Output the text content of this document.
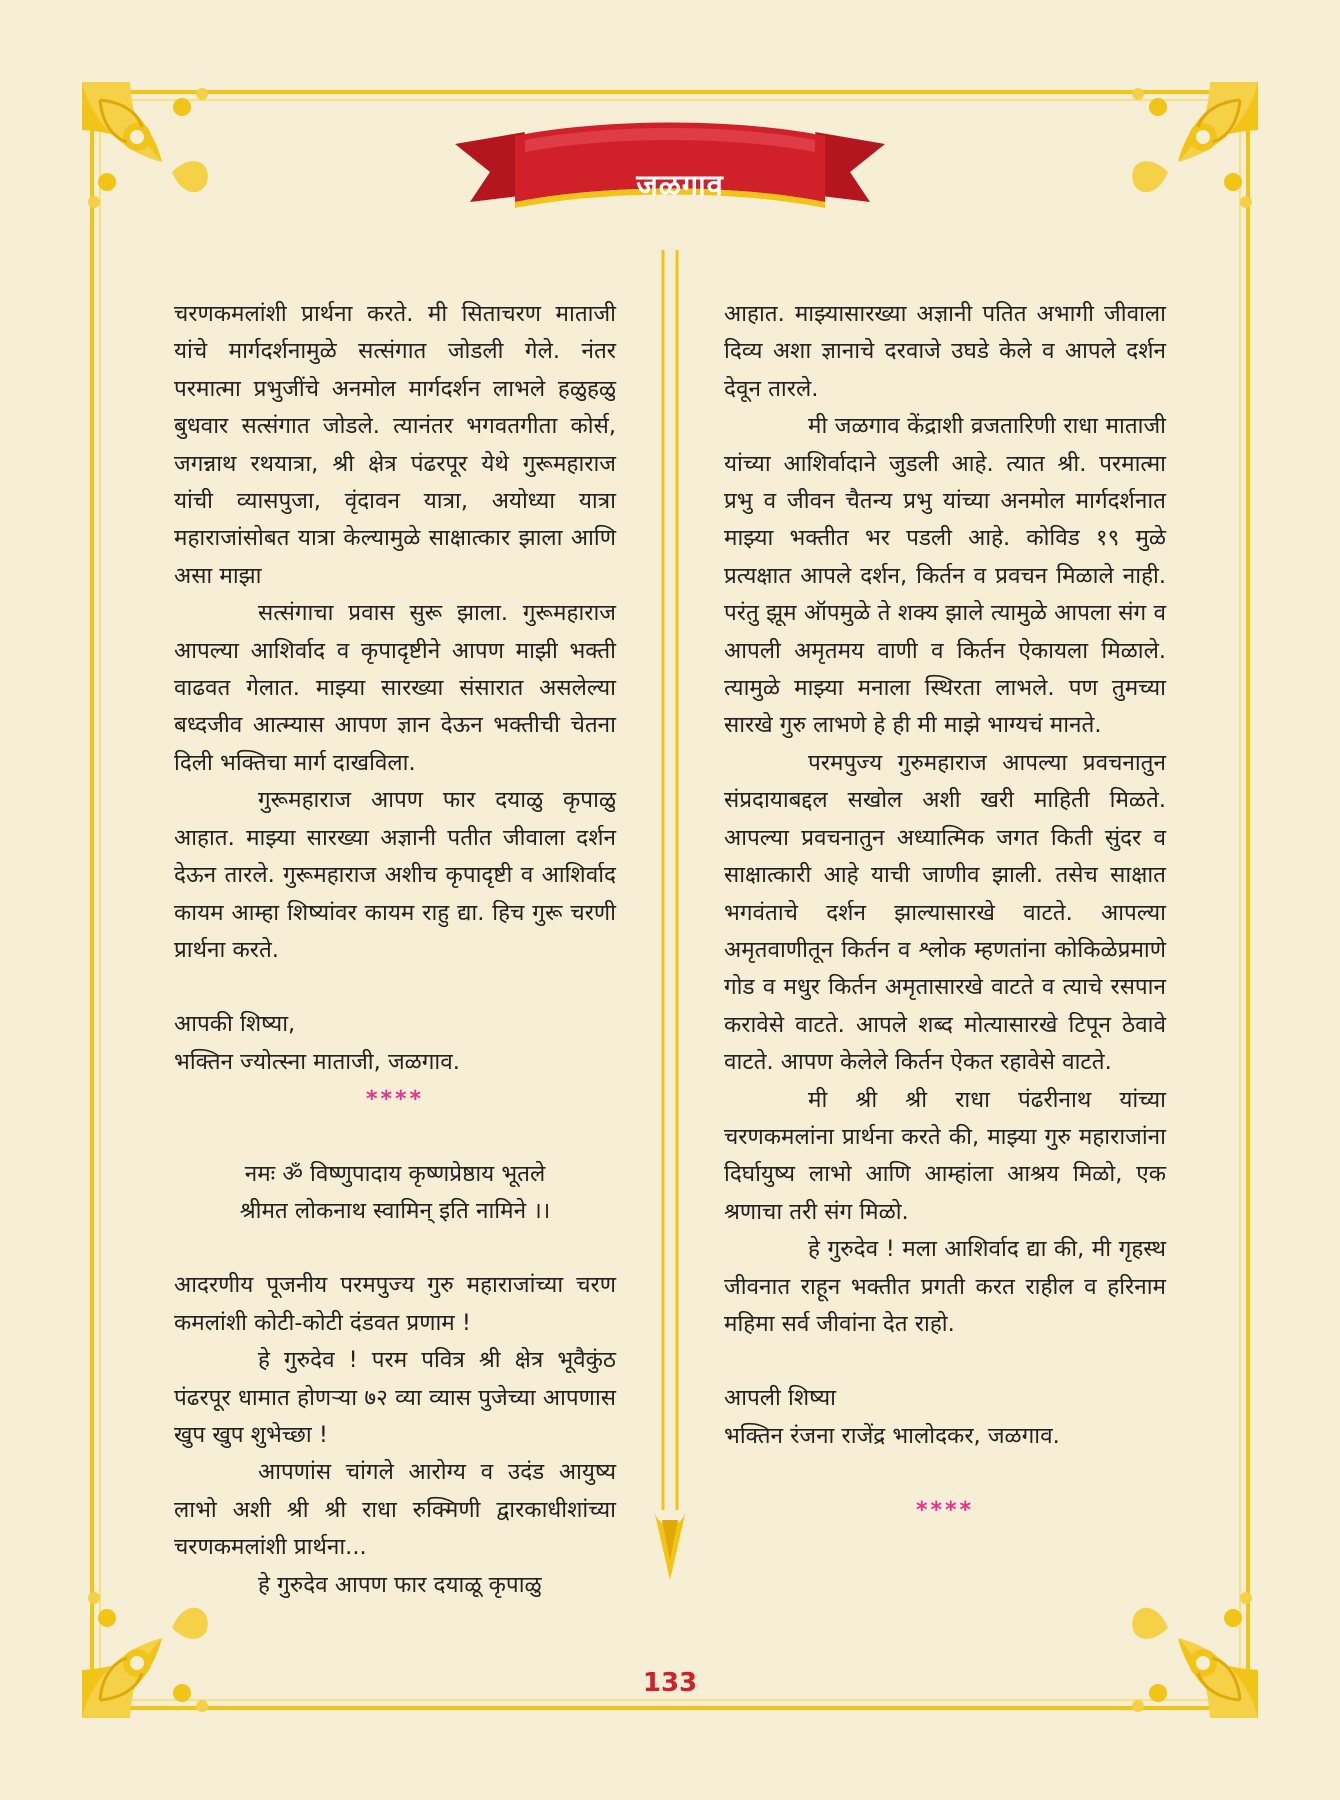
जळगाव

चरणकमलांशी प्रार्थना करते. मी सिताचरण माताजी यांचे मार्गदर्शनामुळे सत्संगात जोडली गेले. नंतर परमात्मा प्रभुजींचे अनमोल मार्गदर्शन लाभले हळुहळु बुधवार सत्संगात जोडले. त्यानंतर भगवतगीता कोर्स, जगन्नाथ रथयात्रा, श्री क्षेत्र पंढरपूर येथे गुरूमहाराज यांची व्यासपुजा, वृंदावन यात्रा, अयोध्या यात्रा महाराजांसोबत यात्रा केल्यामुळे साक्षात्कार झाला आणि असा माझा

सत्संगाचा प्रवास सुरू झाला. गुरूमहाराज आपल्या आशिर्वाद व कृपादृष्टीने आपण माझी भक्ती वाढवत गेलात. माझ्या सारख्या संसारात असलेल्या बध्दजीव आत्म्यास आपण ज्ञान देऊन भक्तीची चेतना दिली भक्तिचा मार्ग दाखविला.

गुरूमहाराज आपण फार दयाळु कृपाळु आहात. माझ्या सारख्या अज्ञानी पतीत जीवाला दर्शन देऊन तारले. गुरूमहाराज अशीच कृपादृष्टी व आशिर्वाद कायम आम्हा शिष्यांवर कायम राहु द्या. हिच गुरू चरणी प्रार्थना करते.

आपकी शिष्या,

भक्तिन ज्योत्स्ना माताजी, जळगाव.

****

नमः ॐ विष्णुपादाय कृष्णप्रेष्ठाय भूतले

श्रीमत लोकनाथ स्वामिन् इति नामिने ।।

आदरणीय पूजनीय परमपुज्य गुरु महाराजांच्या चरण कमलांशी कोटी-कोटी दंडवत प्रणाम !

हे गुरुदेव ! परम पवित्र श्री क्षेत्र भूवैकुंठ पंढरपूर धामात होणऱ्या ७२ व्या व्यास पुजेच्या आपणास खुप खुप शुभेच्छा !

आपणांस चांगले आरोग्य व उदंड आयुष्य लाभो अशी श्री श्री राधा रुक्मिणी द्वारकाधीशांच्या चरणकमलांशी प्रार्थना...

हे गुरुदेव आपण फार दयाळू कृपाळु

आहात. माझ्यासारख्या अज्ञानी पतित अभागी जीवाला दिव्य अशा ज्ञानाचे दरवाजे उघडे केले व आपले दर्शन देवून तारले.

मी जळगाव केंद्राशी व्रजतारिणी राधा माताजी यांच्या आशिर्वादाने जुडली आहे. त्यात श्री. परमात्मा प्रभु व जीवन चैतन्य प्रभु यांच्या अनमोल मार्गदर्शनात माझ्या भक्तीत भर पडली आहे. कोविड १९ मुळे प्रत्यक्षात आपले दर्शन, किर्तन व प्रवचन मिळाले नाही. परंतु झूम ऑपमुळे ते शक्य झाले त्यामुळे आपला संग व आपली अमृतमय वाणी व किर्तन ऐकायला मिळाले. त्यामुळे माझ्या मनाला स्थिरता लाभले. पण तुमच्या सारखे गुरु लाभणे हे ही मी माझे भाग्यचं मानते.

परमपुज्य गुरुमहाराज आपल्या प्रवचनातुन संप्रदायाबद्दल सखोल अशी खरी माहिती मिळते. आपल्या प्रवचनातुन अध्यात्मिक जगत किती सुंदर व साक्षात्कारी आहे याची जाणीव झाली. तसेच साक्षात भगवंताचे दर्शन झाल्यासारखे वाटते. आपल्या अमृतवाणीतून किर्तन व श्लोक म्हणतांना कोकिळेप्रमाणे गोड व मधुर किर्तन अमृतासारखे वाटते व त्याचे रसपान करावेसे वाटते. आपले शब्द मोत्यासारखे टिपून ठेवावे वाटते. आपण केलेले किर्तन ऐकत रहावेसे वाटते.

मी श्री श्री राधा पंढरीनाथ यांच्या चरणकमलांना प्रार्थना करते की, माझ्या गुरु महाराजांना दिर्घायुष्य लाभो आणि आम्हांला आश्रय मिळो, एक श्रणाचा तरी संग मिळो.

हे गुरुदेव ! मला आशिर्वाद द्या की, मी गृहस्थ जीवनात राहून भक्तीत प्रगती करत राहील व हरिनाम महिमा सर्व जीवांना देत राहो.

आपली शिष्या

भक्तिन रंजना राजेंद्र भालोदकर, जळगाव.

****
133
